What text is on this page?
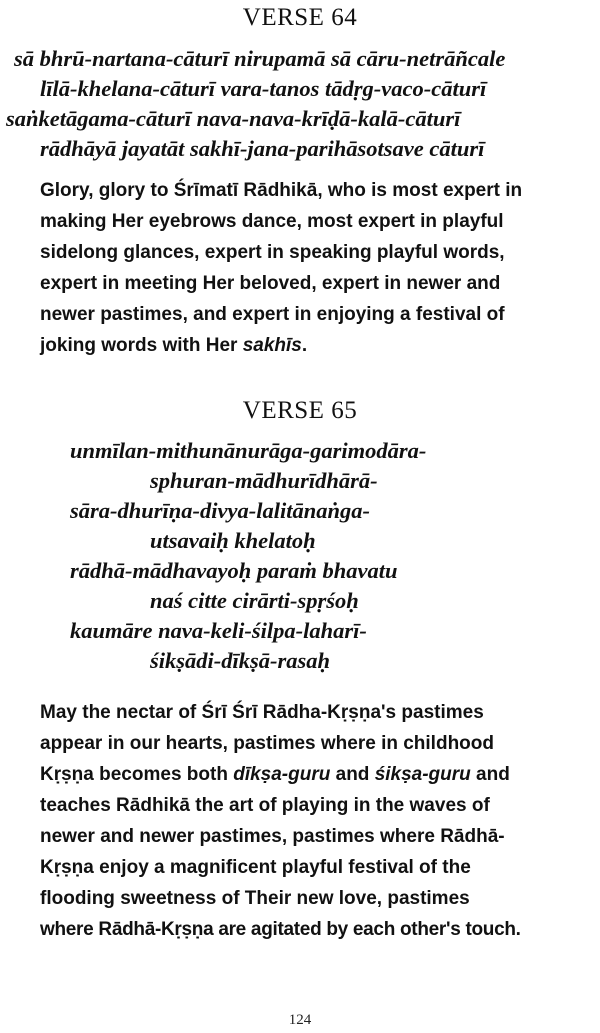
VERSE 64
sā bhrū-nartana-cāturī nirupamā sā cāru-netrāñcale
līlā-khelana-cāturī vara-tanos tādṛg-vaco-cāturī
saṅketāgama-cāturī nava-nava-krīḍā-kalā-cāturī
rādhāyā jayatāt sakhī-jana-parihāsotsave cāturī
Glory, glory to Śrīmatī Rādhikā, who is most expert in
making Her eyebrows dance, most expert in playful
sidelong glances, expert in speaking playful words,
expert in meeting Her beloved, expert in newer and
newer pastimes, and expert in enjoying a festival of
joking words with Her sakhīs.
VERSE 65
unmīlan-mithunānurāga-garimodāra-
sphuran-mādhurīdhārā-
sāra-dhurīṇa-divya-lalitānaṅga-
utsavaiḥ khelatoḥ
rādhā-mādhavayoḥ paraṁ bhavatu
naś citte cirārti-spṛśoḥ
kaumāre nava-keli-śilpa-laharī-
śikṣādi-dīkṣā-rasaḥ
May the nectar of Śrī Śrī Rādha-Kṛṣṇa's pastimes
appear in our hearts, pastimes where in childhood
Kṛṣṇa becomes both dīkṣa-guru and śikṣa-guru and
teaches Rādhikā the art of playing in the waves of
newer and newer pastimes, pastimes where Rādhā-
Kṛṣṇa enjoy a magnificent playful festival of the
flooding sweetness of Their new love, pastimes
where Rādhā-Kṛṣṇa are agitated by each other's touch.
124
